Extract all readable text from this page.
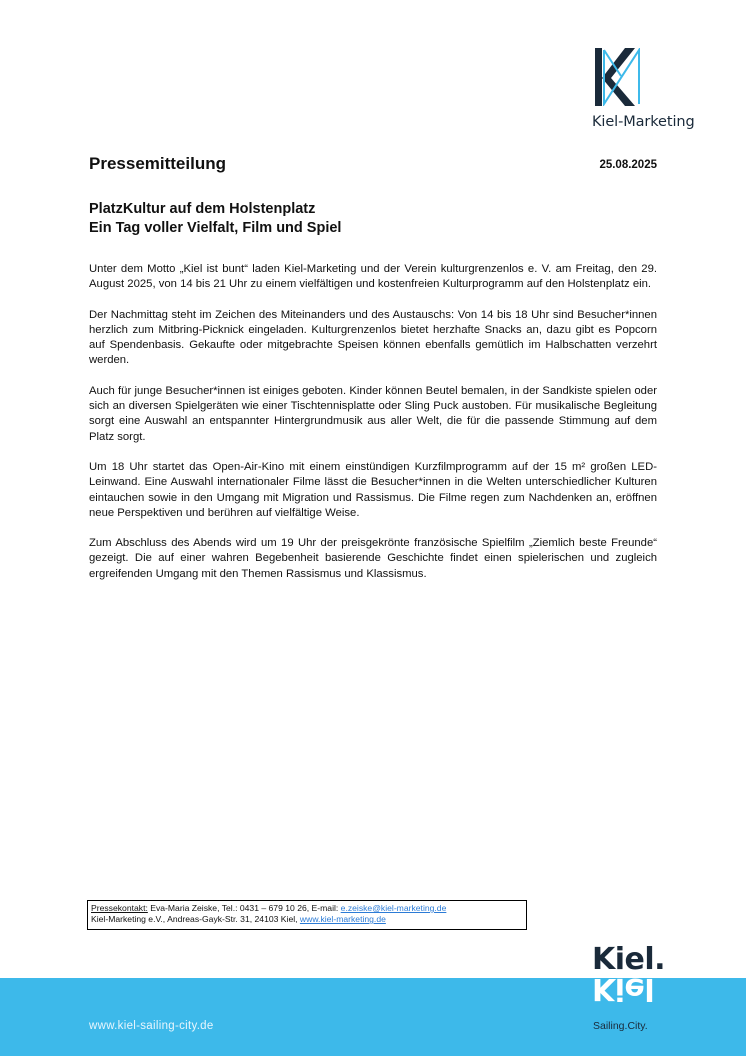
Kiel-Marketing
Pressemitteilung	25.08.2025
PlatzKultur auf dem Holstenplatz
Ein Tag voller Vielfalt, Film und Spiel

Unter dem Motto „Kiel ist bunt“ laden Kiel-Marketing und der Verein kulturgrenzenlos e. V. am Freitag, den 29. August 2025, von 14 bis 21 Uhr zu einem vielfältigen und kostenfreien Kulturprogramm auf den Holstenplatz ein.

Der Nachmittag steht im Zeichen des Miteinanders und des Austauschs: Von 14 bis 18 Uhr sind Besucher*innen herzlich zum Mitbring-Picknick eingeladen. Kulturgrenzenlos bietet herzhafte Snacks an, dazu gibt es Popcorn auf Spendenbasis. Gekaufte oder mitgebrachte Speisen können ebenfalls gemütlich im Halbschatten verzehrt werden.

Auch für junge Besucher*innen ist einiges geboten. Kinder können Beutel bemalen, in der Sandkiste spielen oder sich an diversen Spielgeräten wie einer Tischtennisplatte oder Sling Puck austoben. Für musikalische Begleitung sorgt eine Auswahl an entspannter Hintergrundmusik aus aller Welt, die für die passende Stimmung auf dem Platz sorgt.

Um 18 Uhr startet das Open-Air-Kino mit einem einstündigen Kurzfilmprogramm auf der 15 m² großen LED-Leinwand. Eine Auswahl internationaler Filme lässt die Besucher*innen in die Welten unterschiedlicher Kulturen eintauchen sowie in den Umgang mit Migration und Rassismus. Die Filme regen zum Nachdenken an, eröffnen neue Perspektiven und berühren auf vielfältige Weise.

Zum Abschluss des Abends wird um 19 Uhr der preisgekrönte französische Spielfilm „Ziemlich beste Freunde“ gezeigt. Die auf einer wahren Begebenheit basierende Geschichte findet einen spielerischen und zugleich ergreifenden Umgang mit den Themen Rassismus und Klassismus.

Pressekontakt: Eva-Maria Zeiske, Tel.: 0431 – 679 10 26, E-mail: e.zeiske@kiel-marketing.de
Kiel-Marketing e.V., Andreas-Gayk-Str. 31, 24103 Kiel, www.kiel-marketing.de
www.kiel-sailing-city.de
Kiel.
Kiel
Sailing.City.
